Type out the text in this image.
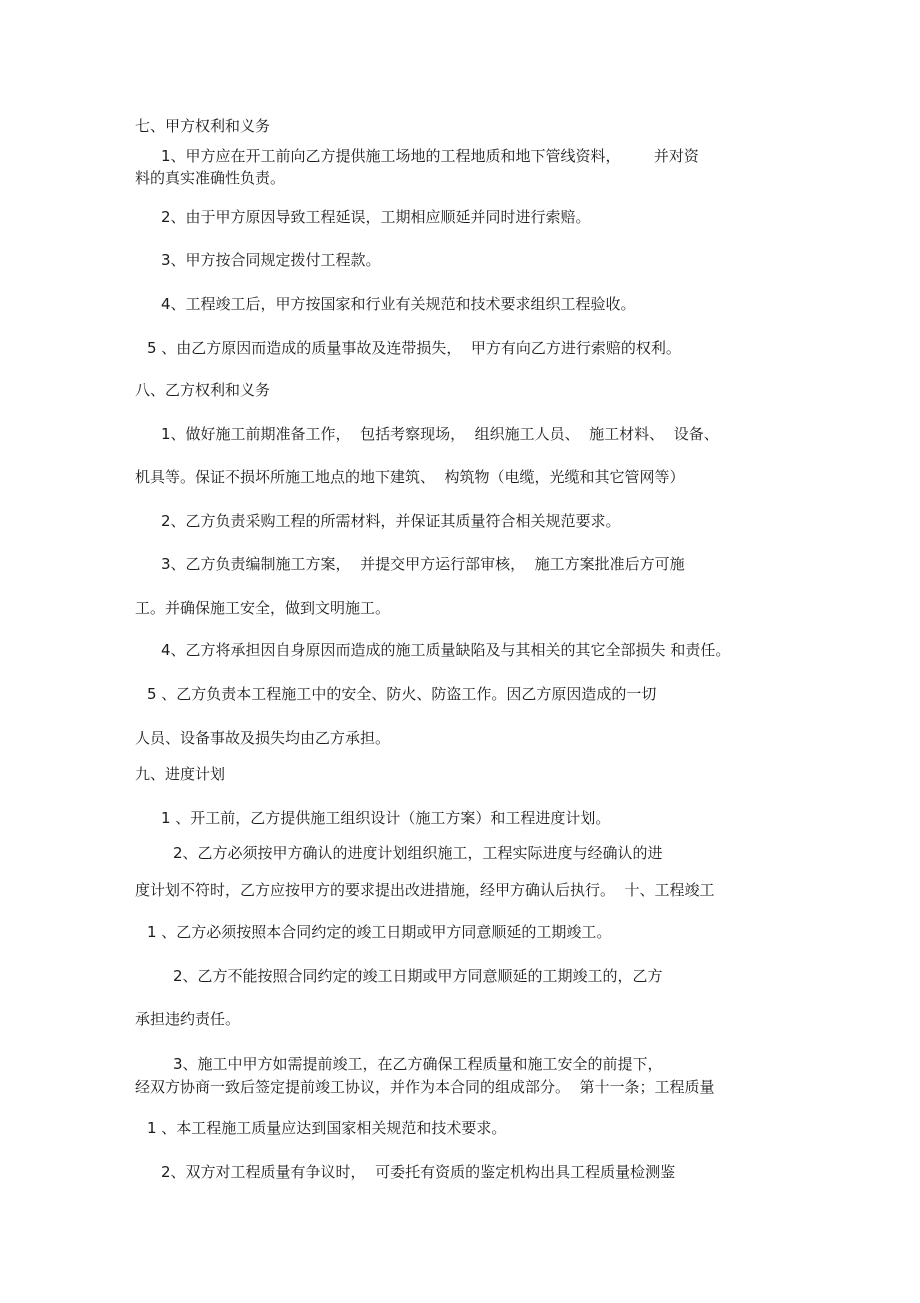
七、甲方权利和义务
1、甲方应在开工前向乙方提供施工场地的工程地质和地下管线资料，       并对资
料的真实准确性负责。
2、由于甲方原因导致工程延误，工期相应顺延并同时进行索赔。
3、甲方按合同规定拨付工程款。
4、工程竣工后，甲方按国家和行业有关规范和技术要求组织工程验收。
5 、由乙方原因而造成的质量事故及连带损失，  甲方有向乙方进行索赔的权利。
八、乙方权利和义务
1、做好施工前期准备工作，  包括考察现场，  组织施工人员、  施工材料、  设备、
机具等。保证不损坏所施工地点的地下建筑、  构筑物（电缆，光缆和其它管网等）
2、乙方负责采购工程的所需材料，并保证其质量符合相关规范要求。
3、乙方负责编制施工方案，  并提交甲方运行部审核，  施工方案批准后方可施
工。并确保施工安全，做到文明施工。
4、乙方将承担因自身原因而造成的施工质量缺陷及与其相关的其它全部损失 和责任。
5 、乙方负责本工程施工中的安全、防火、防盗工作。因乙方原因造成的一切
人员、设备事故及损失均由乙方承担。
九、进度计划
1 、开工前，乙方提供施工组织设计（施工方案）和工程进度计划。
2、乙方必须按甲方确认的进度计划组织施工，工程实际进度与经确认的进
度计划不符时，乙方应按甲方的要求提出改进措施，经甲方确认后执行。  十、工程竣工
1 、乙方必须按照本合同约定的竣工日期或甲方同意顺延的工期竣工。
2、乙方不能按照合同约定的竣工日期或甲方同意顺延的工期竣工的，乙方
承担违约责任。
3、施工中甲方如需提前竣工，在乙方确保工程质量和施工安全的前提下，
经双方协商一致后签定提前竣工协议，并作为本合同的组成部分。  第十一条；工程质量
1 、本工程施工质量应达到国家相关规范和技术要求。
2、双方对工程质量有争议时，  可委托有资质的鉴定机构出具工程质量检测鉴
